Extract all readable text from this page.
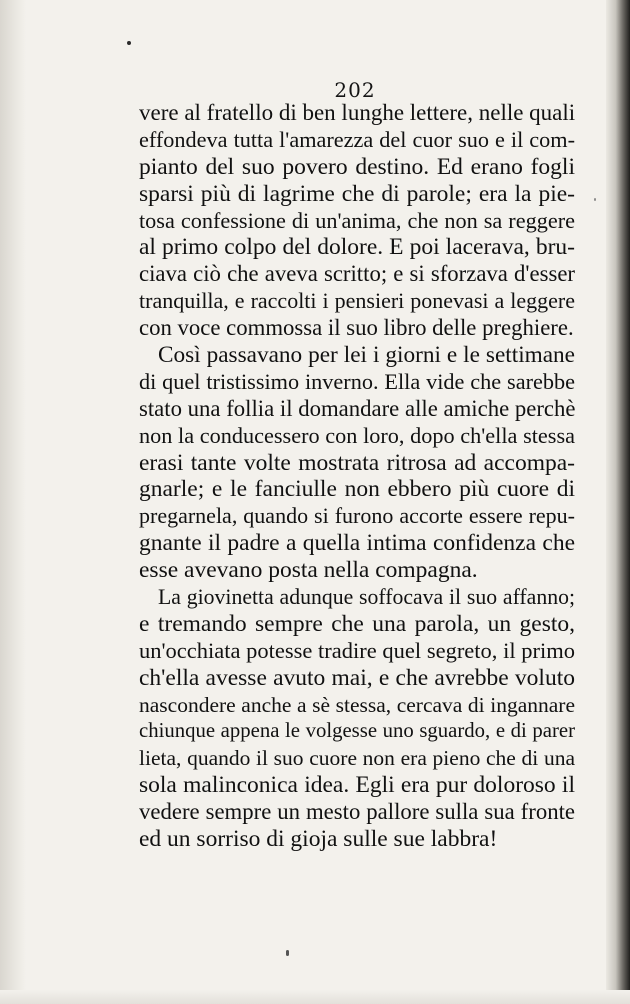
202
vere al fratello di ben lunghe lettere, nelle quali
effondeva tutta l'amarezza del cuor suo e il com-
pianto del suo povero destino. Ed erano fogli
sparsi più di lagrime che di parole; era la pie-
tosa confessione di un'anima, che non sa reggere
al primo colpo del dolore. E poi lacerava, bru-
ciava ciò che aveva scritto; e si sforzava d'esser
tranquilla, e raccolti i pensieri ponevasi a leggere
con voce commossa il suo libro delle preghiere.
Così passavano per lei i giorni e le settimane
di quel tristissimo inverno. Ella vide che sarebbe
stato una follia il domandare alle amiche perchè
non la conducessero con loro, dopo ch'ella stessa
erasi tante volte mostrata ritrosa ad accompa-
gnarle; e le fanciulle non ebbero più cuore di
pregarnela, quando si furono accorte essere repu-
gnante il padre a quella intima confidenza che
esse avevano posta nella compagna.
La giovinetta adunque soffocava il suo affanno;
e tremando sempre che una parola, un gesto,
un'occhiata potesse tradire quel segreto, il primo
ch'ella avesse avuto mai, e che avrebbe voluto
nascondere anche a sè stessa, cercava di ingannare
chiunque appena le volgesse uno sguardo, e di parer
lieta, quando il suo cuore non era pieno che di una
sola malinconica idea. Egli era pur doloroso il
vedere sempre un mesto pallore sulla sua fronte
ed un sorriso di gioja sulle sue labbra!
